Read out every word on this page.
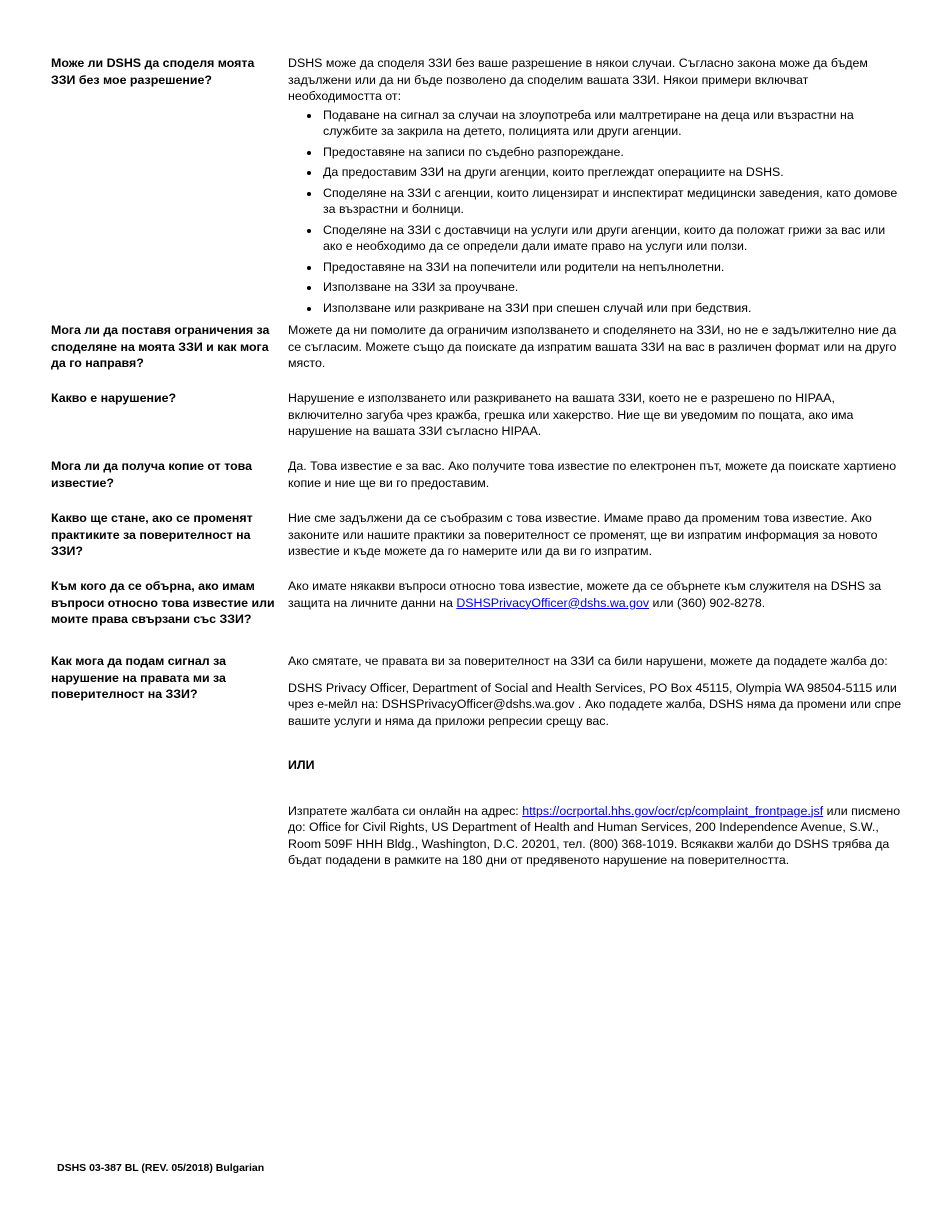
Може ли DSHS да споделя моята ЗЗИ без мое разрешение?

DSHS може да споделя ЗЗИ без ваше разрешение в някои случаи. Съгласно закона може да бъдем задължени или да ни бъде позволено да споделим вашата ЗЗИ. Някои примери включват необходимостта от:

• Подаване на сигнал за случаи на злоупотреба или малтретиране на деца или възрастни на службите за закрила на детето, полицията или други агенции.
• Предоставяне на записи по съдебно разпореждане.
• Да предоставим ЗЗИ на други агенции, които преглеждат операциите на DSHS.
• Споделяне на ЗЗИ с агенции, които лицензират и инспектират медицински заведения, като домове за възрастни и болници.
• Споделяне на ЗЗИ с доставчици на услуги или други агенции, които да положат грижи за вас или ако е необходимо да се определи дали имате право на услуги или ползи.
• Предоставяне на ЗЗИ на попечители или родители на непълнолетни.
• Използване на ЗЗИ за проучване.
• Използване или разкриване на ЗЗИ при спешен случай или при бедствия.

Мога ли да поставя ограничения за споделяне на моята ЗЗИ и как мога да го направя?

Можете да ни помолите да ограничим използването и споделянето на ЗЗИ, но не е задължително ние да се съгласим. Можете също да поискате да изпратим вашата ЗЗИ на вас в различен формат или на друго място.

Какво е нарушение?	Нарушение е използването или разкриването на вашата ЗЗИ, което не е разрешено по HIPAA, включително загуба чрез кражба, грешка или хакерство. Ние ще ви уведомим по пощата, ако има нарушение на вашата ЗЗИ съгласно HIPAA.

Мога ли да получа копие от това известие?

Да. Това известие е за вас. Ако получите това известие по електронен път, можете да поискате хартиено копие и ние ще ви го предоставим.

Какво ще стане, ако се променят практиките за поверителност на ЗЗИ?

Ние сме задължени да се съобразим с това известие. Имаме право да променим това известие. Ако законите или нашите практики за поверителност се променят, ще ви изпратим информация за новото известие и къде можете да го намерите или да ви го изпратим.

Към кого да се обърна, ако имам въпроси относно това известие или моите права свързани със ЗЗИ?

Ако имате някакви въпроси относно това известие, можете да се обърнете към служителя на DSHS за защита на личните данни на DSHSPrivacyOfficer@dshs.wa.gov или (360) 902-8278.

Как мога да подам сигнал за нарушение на правата ми за поверителност на ЗЗИ?

Ако смятате, че правата ви за поверителност на ЗЗИ са били нарушени, можете да подадете жалба до:

DSHS Privacy Officer, Department of Social and Health Services, PO Box 45115, Olympia WA 98504-5115 или чрез е-мейл на: DSHSPrivacyOfficer@dshs.wa.gov . Ако подадете жалба, DSHS няма да промени или спре вашите услуги и няма да приложи репресии срещу вас.

ИЛИ

Изпратете жалбата си онлайн на адрес: https://ocrportal.hhs.gov/ocr/cp/complaint_frontpage.jsf или писмено до: Office for Civil Rights, US Department of Health and Human Services, 200 Independence Avenue, S.W., Room 509F HHH Bldg., Washington, D.C. 20201, тел. (800) 368-1019. Всякакви жалби до DSHS трябва да бъдат подадени в рамките на 180 дни от предявеното нарушение на поверителността.

DSHS 03-387 BL (REV. 05/2018) Bulgarian
